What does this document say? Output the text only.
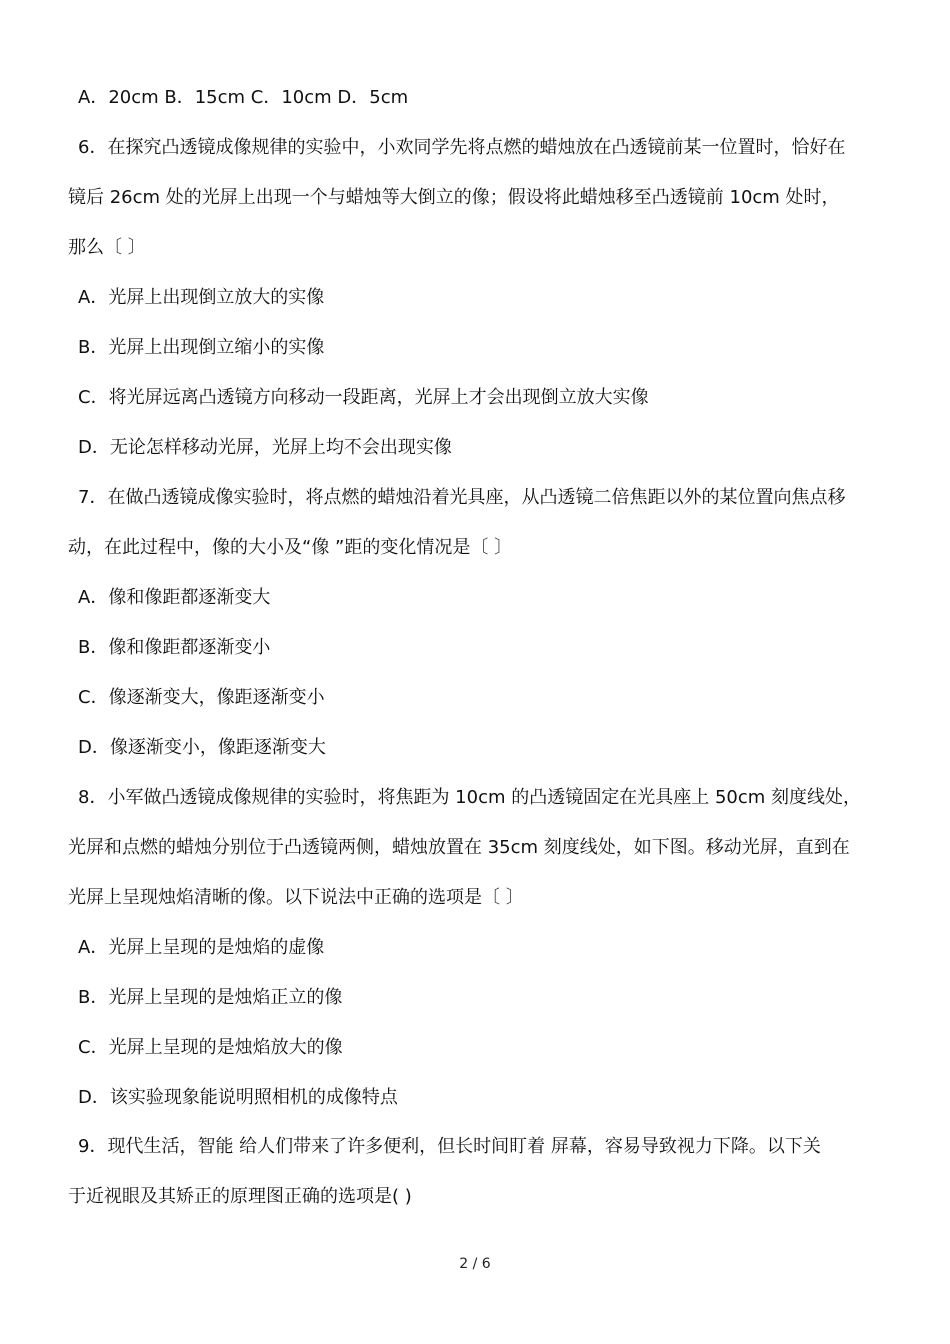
A．20cm B．15cm C．10cm D．5cm
6．在探究凸透镜成像规律的实验中，小欢同学先将点燃的蜡烛放在凸透镜前某一位置时，恰好在
镜后 26cm 处的光屏上出现一个与蜡烛等大倒立的像；假设将此蜡烛移至凸透镜前 10cm 处时，
那么〔 〕
A．光屏上出现倒立放大的实像
B．光屏上出现倒立缩小的实像
C．将光屏远离凸透镜方向移动一段距离，光屏上才会出现倒立放大实像
D．无论怎样移动光屏，光屏上均不会出现实像
7．在做凸透镜成像实验时，将点燃的蜡烛沿着光具座，从凸透镜二倍焦距以外的某位置向焦点移
动，在此过程中，像的大小及“像 ”距的变化情况是〔 〕
A．像和像距都逐渐变大
B．像和像距都逐渐变小
C．像逐渐变大，像距逐渐变小
D．像逐渐变小，像距逐渐变大
8．小军做凸透镜成像规律的实验时，将焦距为 10cm 的凸透镜固定在光具座上 50cm 刻度线处，
光屏和点燃的蜡烛分别位于凸透镜两侧，蜡烛放置在 35cm 刻度线处，如下图。移动光屏，直到在
光屏上呈现烛焰清晰的像。以下说法中正确的选项是〔 〕
A．光屏上呈现的是烛焰的虚像
B．光屏上呈现的是烛焰正立的像
C．光屏上呈现的是烛焰放大的像
D．该实验现象能说明照相机的成像特点
9．现代生活，智能 给人们带来了许多便利，但长时间盯着 屏幕，容易导致视力下降。以下关
于近视眼及其矫正的原理图正确的选项是( )
2 / 6
